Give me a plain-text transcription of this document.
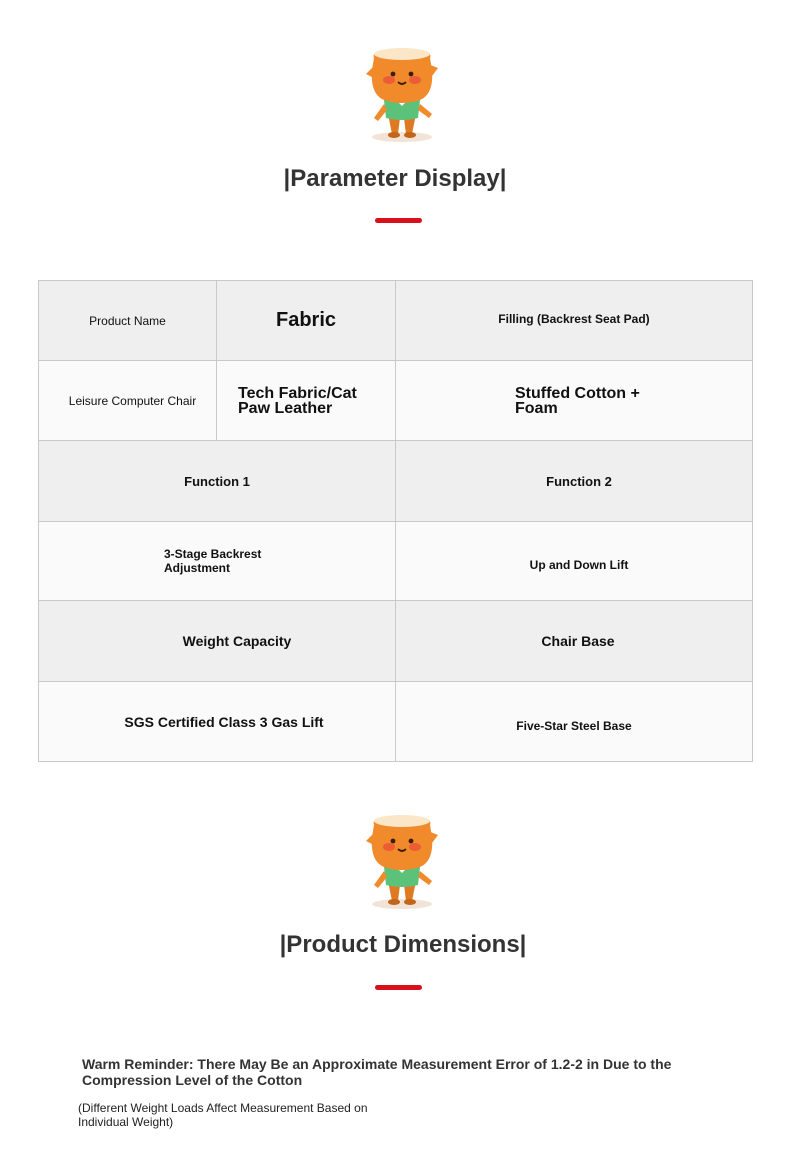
|Parameter Display|
Product Name	Fabric	Filling (Backrest Seat Pad)
Leisure Computer Chair	Tech Fabric/Cat Paw Leather	Stuffed Cotton + Foam

Function 1		Function 2

3-Stage Backrest Adjustment		Up and Down Lift
Weight Capacity		Chair Base
SGS Certified Class 3 Gas Lift		Five-Star Steel Base
|Product Dimensions|
Warm Reminder: There May Be an Approximate Measurement Error of 1.2-2 in Due to the Compression Level of the Cotton
(Different Weight Loads Affect Measurement Based on Individual Weight)
